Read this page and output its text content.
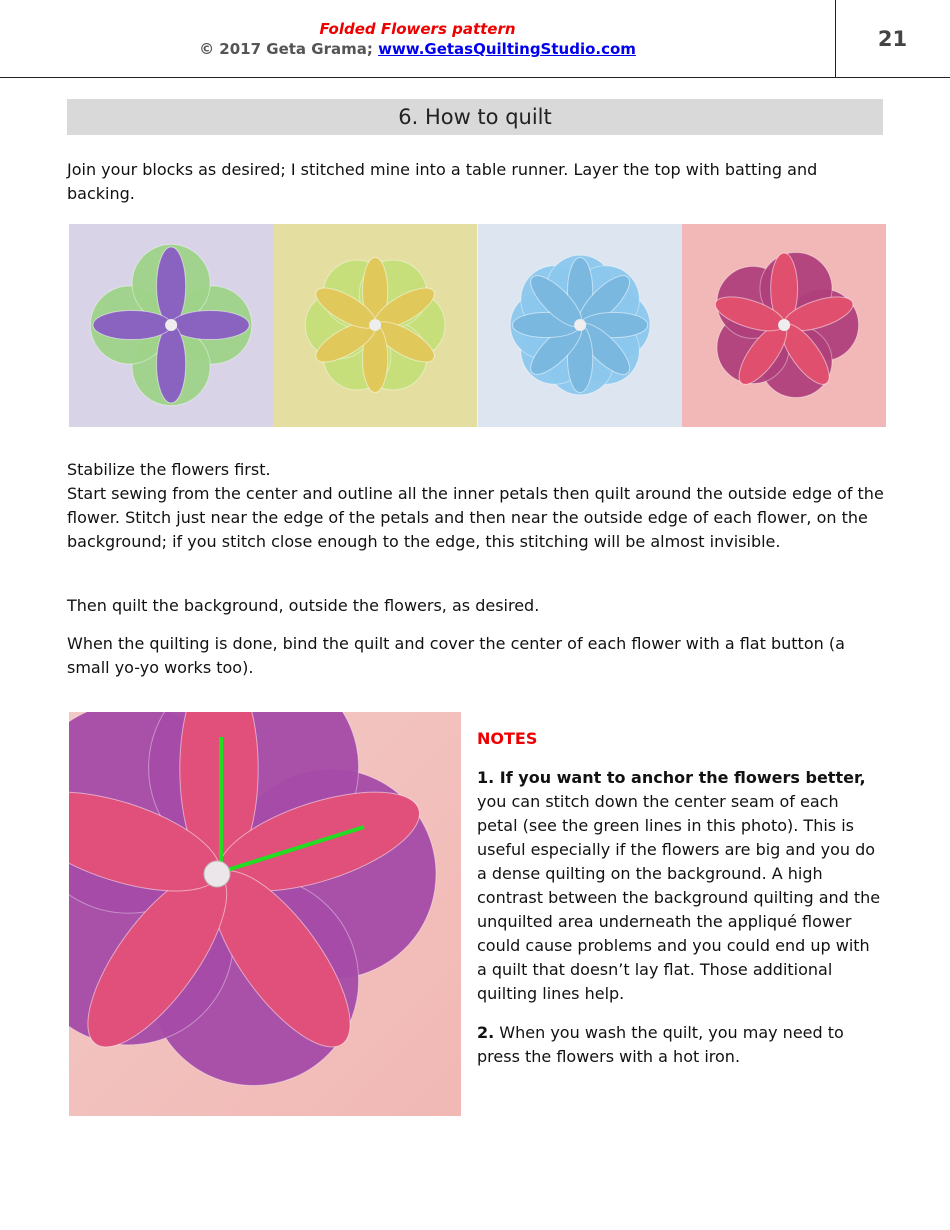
Folded Flowers pattern
© 2017 Geta Grama; www.GetasQuiltingStudio.com	21
6. How to quilt
Join your blocks as desired; I stitched mine into a table runner. Layer the top with batting and backing.
Stabilize the flowers first.
Start sewing from the center and outline all the inner petals then quilt around the outside edge of the flower. Stitch just near the edge of the petals and then near the outside edge of each flower, on the background; if you stitch close enough to the edge, this stitching will be almost invisible.
Then quilt the background, outside the flowers, as desired.
When the quilting is done, bind the quilt and cover the center of each flower with a flat button (a small yo-yo works too).

NOTES

1. If you want to anchor the flowers better, you can stitch down the center seam of each petal (see the green lines in this photo). This is useful especially if the flowers are big and you do a dense quilting on the background. A high contrast between the background quilting and the unquilted area underneath the appliqué flower could cause problems and you could end up with a quilt that doesn’t lay flat. Those additional quilting lines help.

2. When you wash the quilt, you may need to press the flowers with a hot iron.
